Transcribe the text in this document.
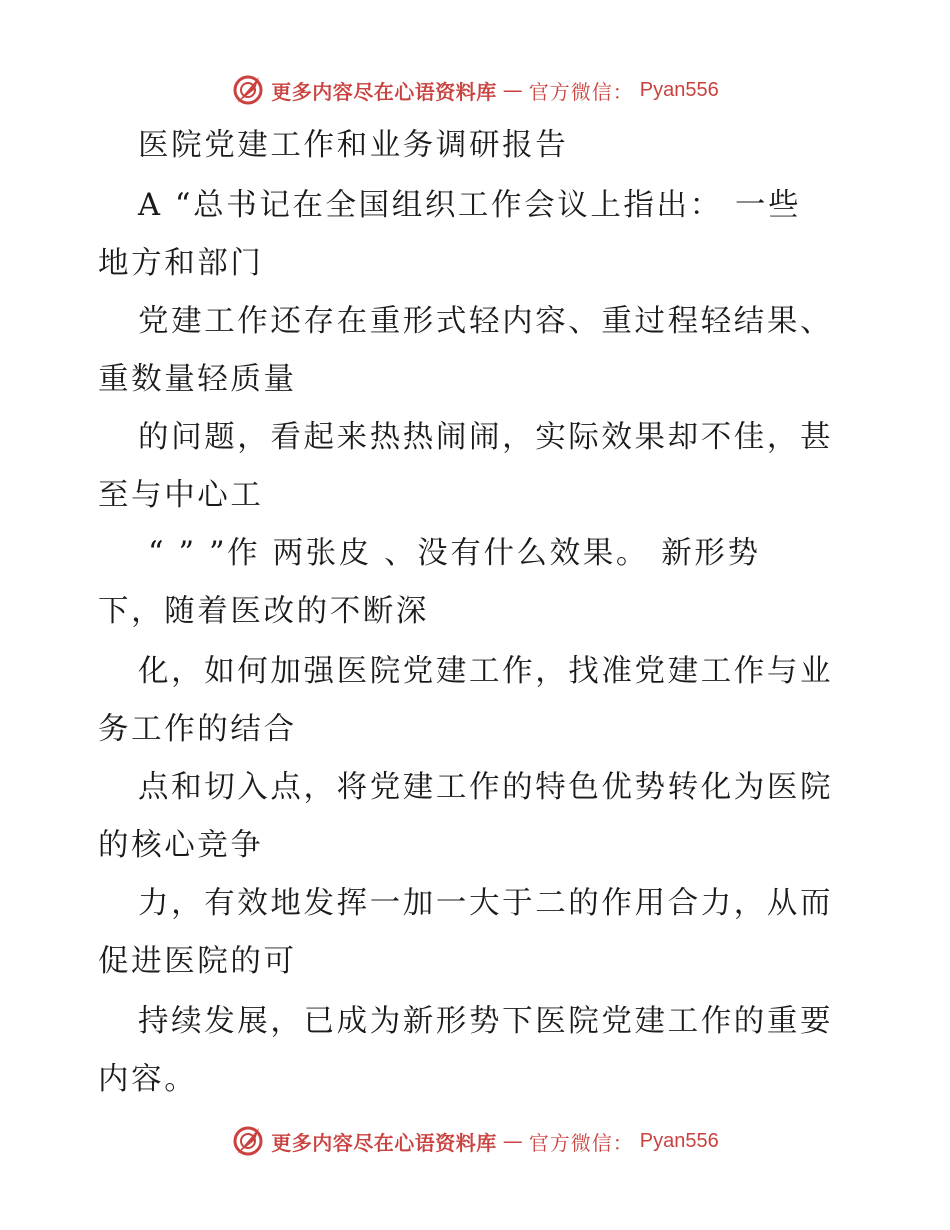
更多内容尽在心语资料库 — 官方微信： Pyan556
医院党建工作和业务调研报告
A “总书记在全国组织工作会议上指出： 一些
地方和部门
党建工作还存在重形式轻内容、重过程轻结果、
重数量轻质量
的问题，看起来热热闹闹，实际效果却不佳，甚
至与中心工
“ ” ”作 两张皮 、没有什么效果。 新形势
下，随着医改的不断深
化，如何加强医院党建工作，找准党建工作与业
务工作的结合
点和切入点，将党建工作的特色优势转化为医院
的核心竞争
力，有效地发挥一加一大于二的作用合力，从而
促进医院的可
持续发展，已成为新形势下医院党建工作的重要
内容。
更多内容尽在心语资料库 — 官方微信： Pyan556
